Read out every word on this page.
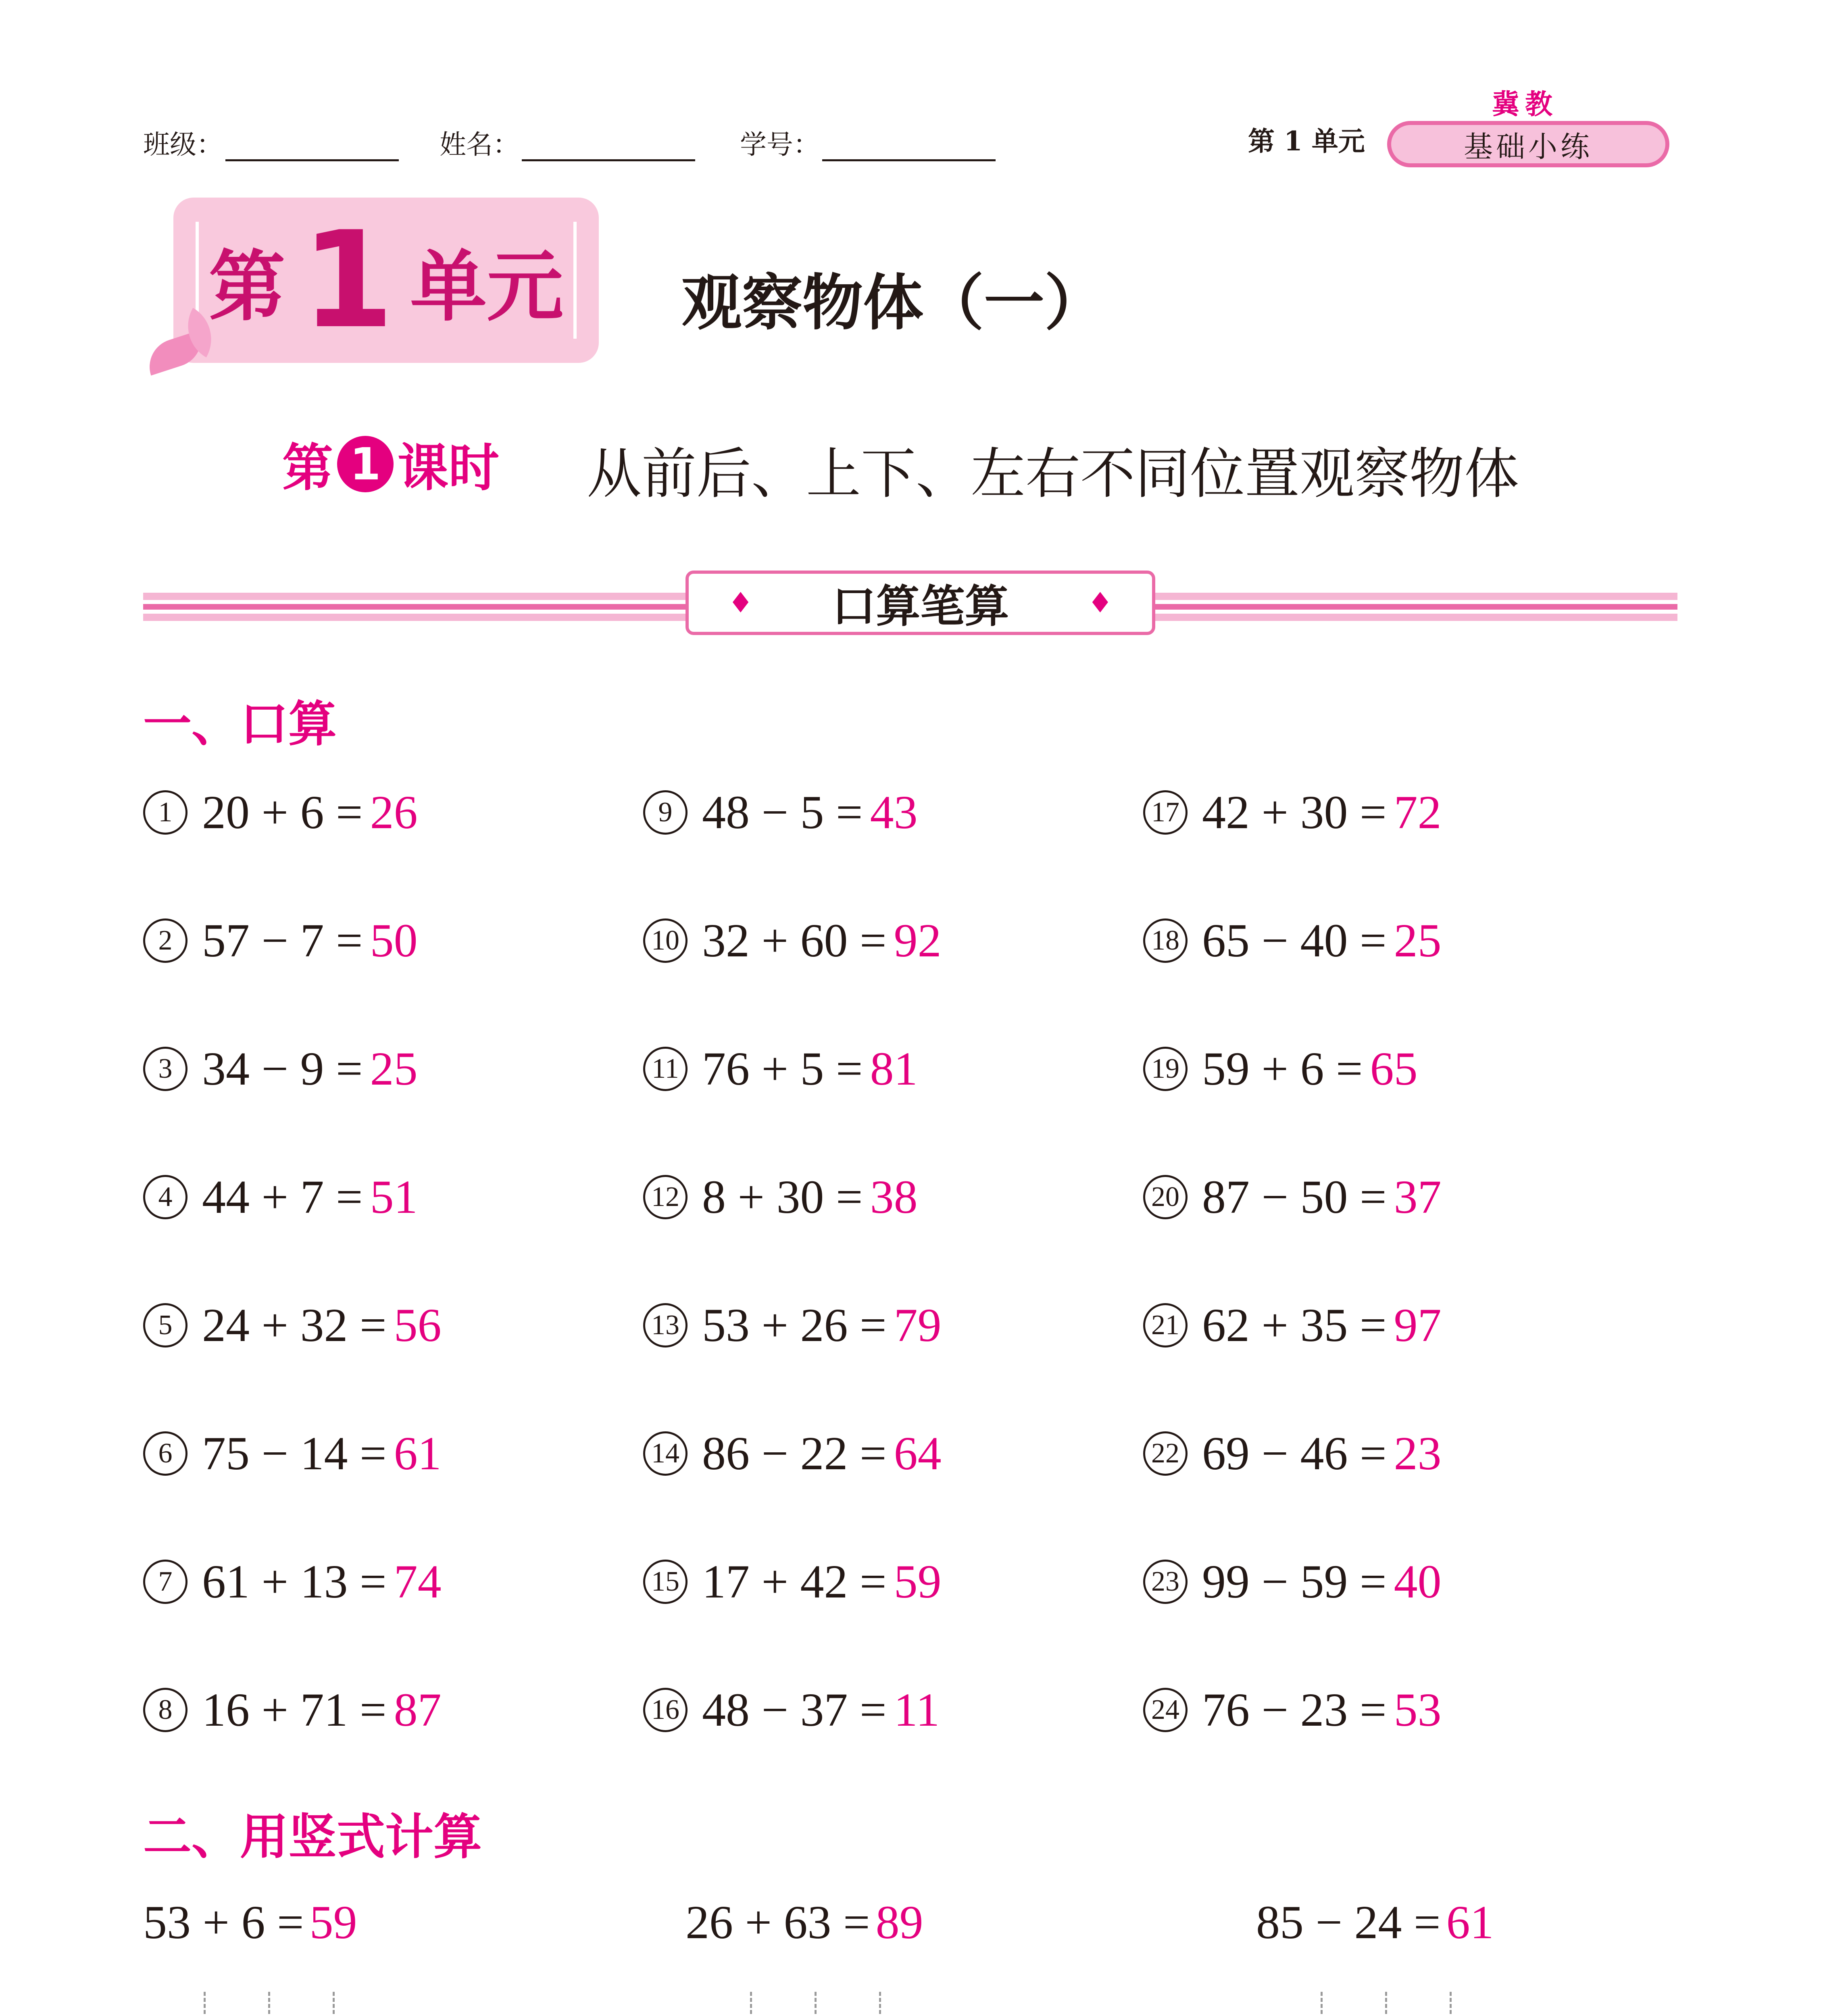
班级：	姓名：	学号：	第 1 单元
冀教
基础小练
第 1 单元 观察物体（一）
第 1 课时 从前后、上下、左右不同位置观察物体
♦ 口算笔算	♦
一、口算
1 20 + 6 = 26
2 57 − 7 = 50
3 34 − 9 = 25
4 44 + 7 = 51
5 24 + 32 = 56
6 75 − 14 = 61
7 61 + 13 = 74
8 16 + 71 = 87
9 48 − 5 = 43
10 32 + 60 = 92
11 76 + 5 = 81
12 8 + 30 = 38
13 53 + 26 = 79
14 86 − 22 = 64
15 17 + 42 = 59
16 48 − 37 = 11
17 42 + 30 = 72
18 65 − 40 = 25
19 59 + 6 = 65
20 87 − 50 = 37
21 62 + 35 = 97
22 69 − 46 = 23
23 99 − 59 = 40
24 76 − 23 = 53
二、用竖式计算
53 + 6 = 59	26 + 63 = 89	85 − 24 = 61
